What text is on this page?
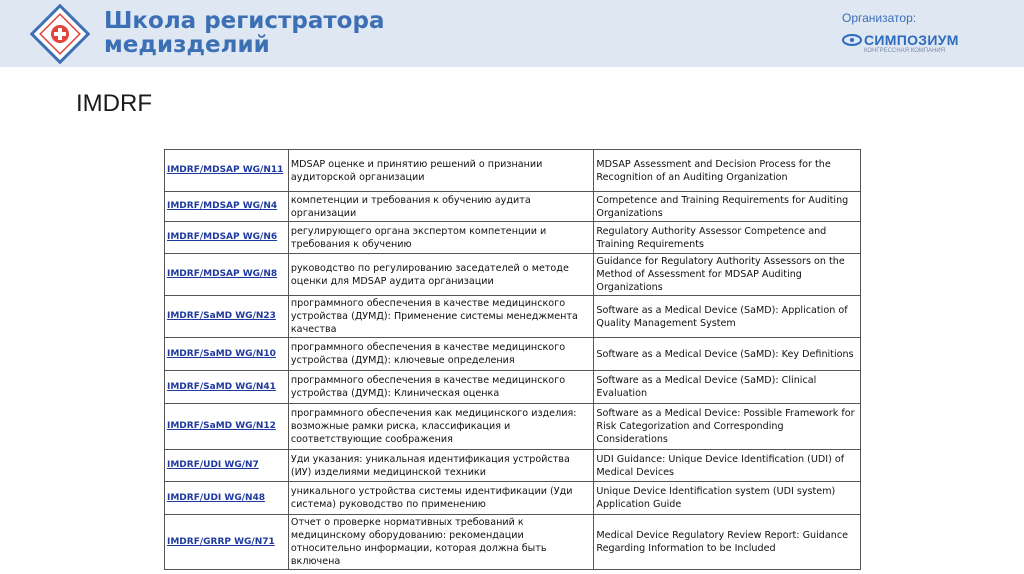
Школа регистратора
медизделий
Организатор:
СИМПОЗИУМ
КОНГРЕССНАЯ КОМПАНИЯ
IMDRF
IMDRF/MDSAP WG/N11	MDSAP оценке и принятию решений о признании аудиторской организации	MDSAP Assessment and Decision Process for the Recognition of an Auditing Organization
IMDRF/MDSAP WG/N4	компетенции и требования к обучению аудита организации	Competence and Training Requirements for Auditing Organizations
IMDRF/MDSAP WG/N6	регулирующего органа экспертом компетенции и требования к обучению	Regulatory Authority Assessor Competence and Training Requirements
IMDRF/MDSAP WG/N8	руководство по регулированию заседателей о методе оценки для MDSAP аудита организации	Guidance for Regulatory Authority Assessors on the Method of Assessment for MDSAP Auditing Organizations
IMDRF/SaMD WG/N23	программного обеспечения в качестве медицинского устройства (ДУМД): Применение системы менеджмента качества	Software as a Medical Device (SaMD): Application of Quality Management System
IMDRF/SaMD WG/N10	программного обеспечения в качестве медицинского устройства (ДУМД): ключевые определения	Software as a Medical Device (SaMD): Key Definitions
IMDRF/SaMD WG/N41	программного обеспечения в качестве медицинского устройства (ДУМД): Клиническая оценка	Software as a Medical Device (SaMD): Clinical Evaluation
IMDRF/SaMD WG/N12	программного обеспечения как медицинского изделия: возможные рамки риска, классификация и соответствующие соображения	Software as a Medical Device: Possible Framework for Risk Categorization and Corresponding Considerations
IMDRF/UDI WG/N7	Уди указания: уникальная идентификация устройства (ИУ) изделиями медицинской техники	UDI Guidance: Unique Device Identification (UDI) of Medical Devices
IMDRF/UDI WG/N48	уникального устройства системы идентификации (Уди система) руководство по применению	Unique Device Identification system (UDI system) Application Guide
IMDRF/GRRP WG/N71	Отчет о проверке нормативных требований к медицинскому оборудованию: рекомендации относительно информации, которая должна быть включена	Medical Device Regulatory Review Report: Guidance Regarding Information to be Included
